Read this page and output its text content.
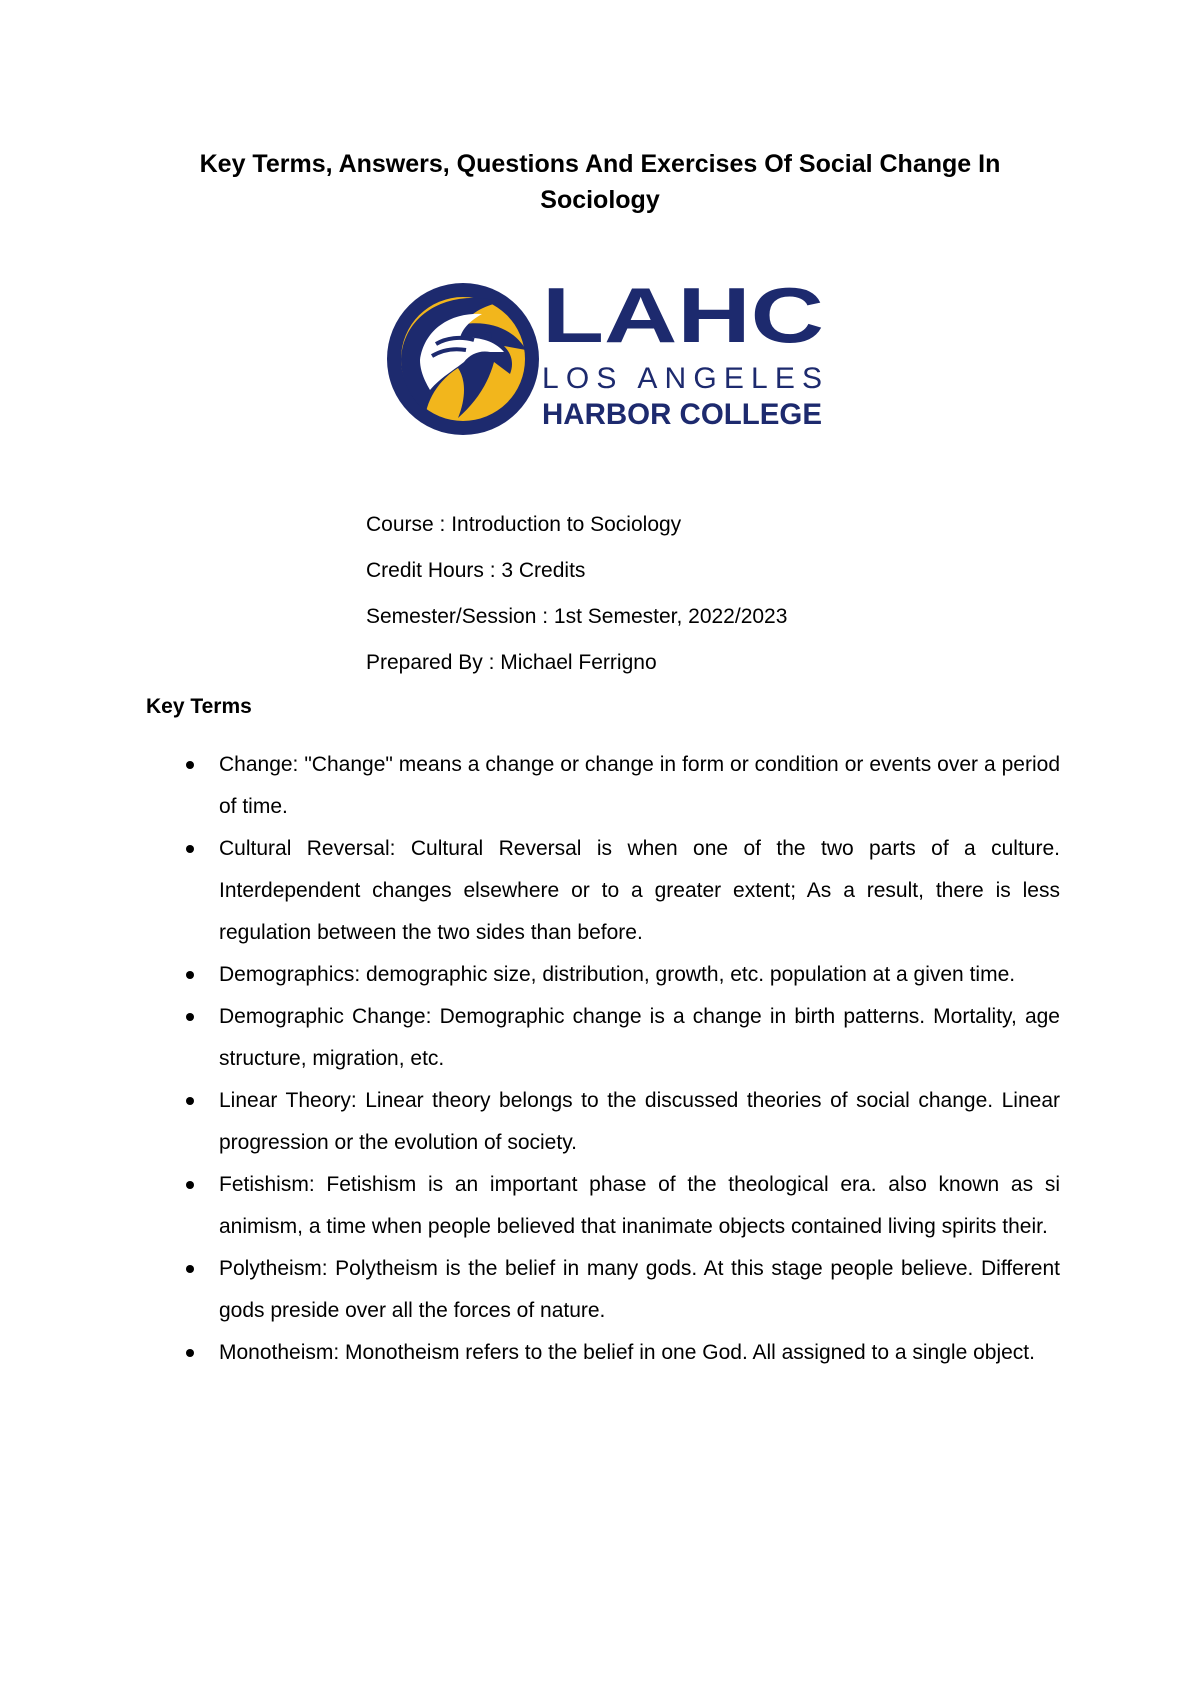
Key Terms, Answers, Questions And Exercises Of Social Change In Sociology
LAHC
LOS ANGELES
HARBOR COLLEGE
Course : Introduction to Sociology
Credit Hours : 3 Credits
Semester/Session : 1st Semester, 2022/2023
Prepared By : Michael Ferrigno
Key Terms
Change: "Change" means a change or change in form or condition or events over a period of time.
Cultural Reversal: Cultural Reversal is when one of the two parts of a culture. Interdependent changes elsewhere or to a greater extent; As a result, there is less regulation between the two sides than before.
Demographics: demographic size, distribution, growth, etc. population at a given time.
Demographic Change: Demographic change is a change in birth patterns. Mortality, age structure, migration, etc.
Linear Theory: Linear theory belongs to the discussed theories of social change. Linear progression or the evolution of society.
Fetishism: Fetishism is an important phase of the theological era. also known as si animism, a time when people believed that inanimate objects contained living spirits their.
Polytheism: Polytheism is the belief in many gods. At this stage people believe. Different gods preside over all the forces of nature.
Monotheism: Monotheism refers to the belief in one God. All assigned to a single object.
